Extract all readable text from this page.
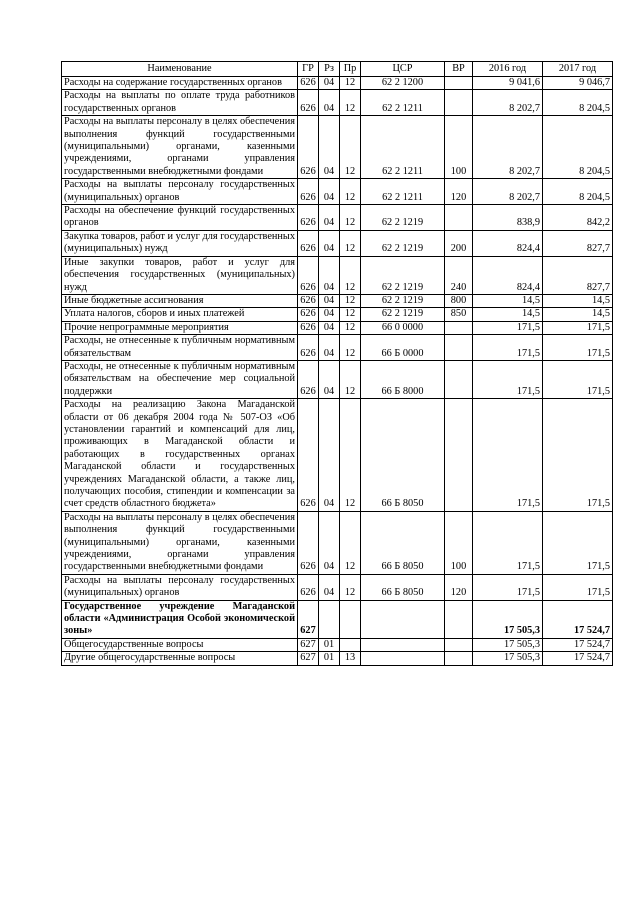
Наименование	ГР	Рз	Пр	ЦСР	ВР	2016 год	2017 год
Расходы на содержание государственных органов	626	04	12	62 2 1200		9 041,6	9 046,7
Расходы на выплаты по оплате труда работников государственных органов	626	04	12	62 2 1211		8 202,7	8 204,5
Расходы на выплаты персоналу в целях обеспечения выполнения функций государственными (муниципальными) органами, казенными учреждениями, органами управления государственными внебюджетными фондами	626	04	12	62 2 1211	100	8 202,7	8 204,5
Расходы на выплаты персоналу государственных (муниципальных) органов	626	04	12	62 2 1211	120	8 202,7	8 204,5
Расходы на обеспечение функций государственных органов	626	04	12	62 2 1219		838,9	842,2
Закупка товаров, работ и услуг для государственных (муниципальных) нужд	626	04	12	62 2 1219	200	824,4	827,7
Иные закупки товаров, работ и услуг для обеспечения государственных (муниципальных) нужд	626	04	12	62 2 1219	240	824,4	827,7
Иные бюджетные ассигнования	626	04	12	62 2 1219	800	14,5	14,5
Уплата налогов, сборов и иных платежей	626	04	12	62 2 1219	850	14,5	14,5
Прочие непрограммные мероприятия	626	04	12	66 0 0000		171,5	171,5
Расходы, не отнесенные к публичным нормативным обязательствам	626	04	12	66 Б 0000		171,5	171,5
Расходы, не отнесенные к публичным нормативным обязательствам на обеспечение мер социальной поддержки	626	04	12	66 Б 8000		171,5	171,5
Расходы на реализацию Закона Магаданской области от 06 декабря 2004 года № 507-ОЗ «Об установлении гарантий и компенсаций для лиц, проживающих в Магаданской области и работающих в государственных органах Магаданской области и государственных учреждениях Магаданской области, а также лиц, получающих пособия, стипендии и компенсации за счет средств областного бюджета»	626	04	12	66 Б 8050		171,5	171,5
Расходы на выплаты персоналу в целях обеспечения выполнения функций государственными (муниципальными) органами, казенными учреждениями, органами управления государственными внебюджетными фондами	626	04	12	66 Б 8050	100	171,5	171,5
Расходы на выплаты персоналу государственных (муниципальных) органов	626	04	12	66 Б 8050	120	171,5	171,5
Государственное учреждение Магаданской области «Администрация Особой экономической зоны»	627					17 505,3	17 524,7
Общегосударственные вопросы	627	01				17 505,3	17 524,7
Другие общегосударственные вопросы	627	01	13			17 505,3	17 524,7
